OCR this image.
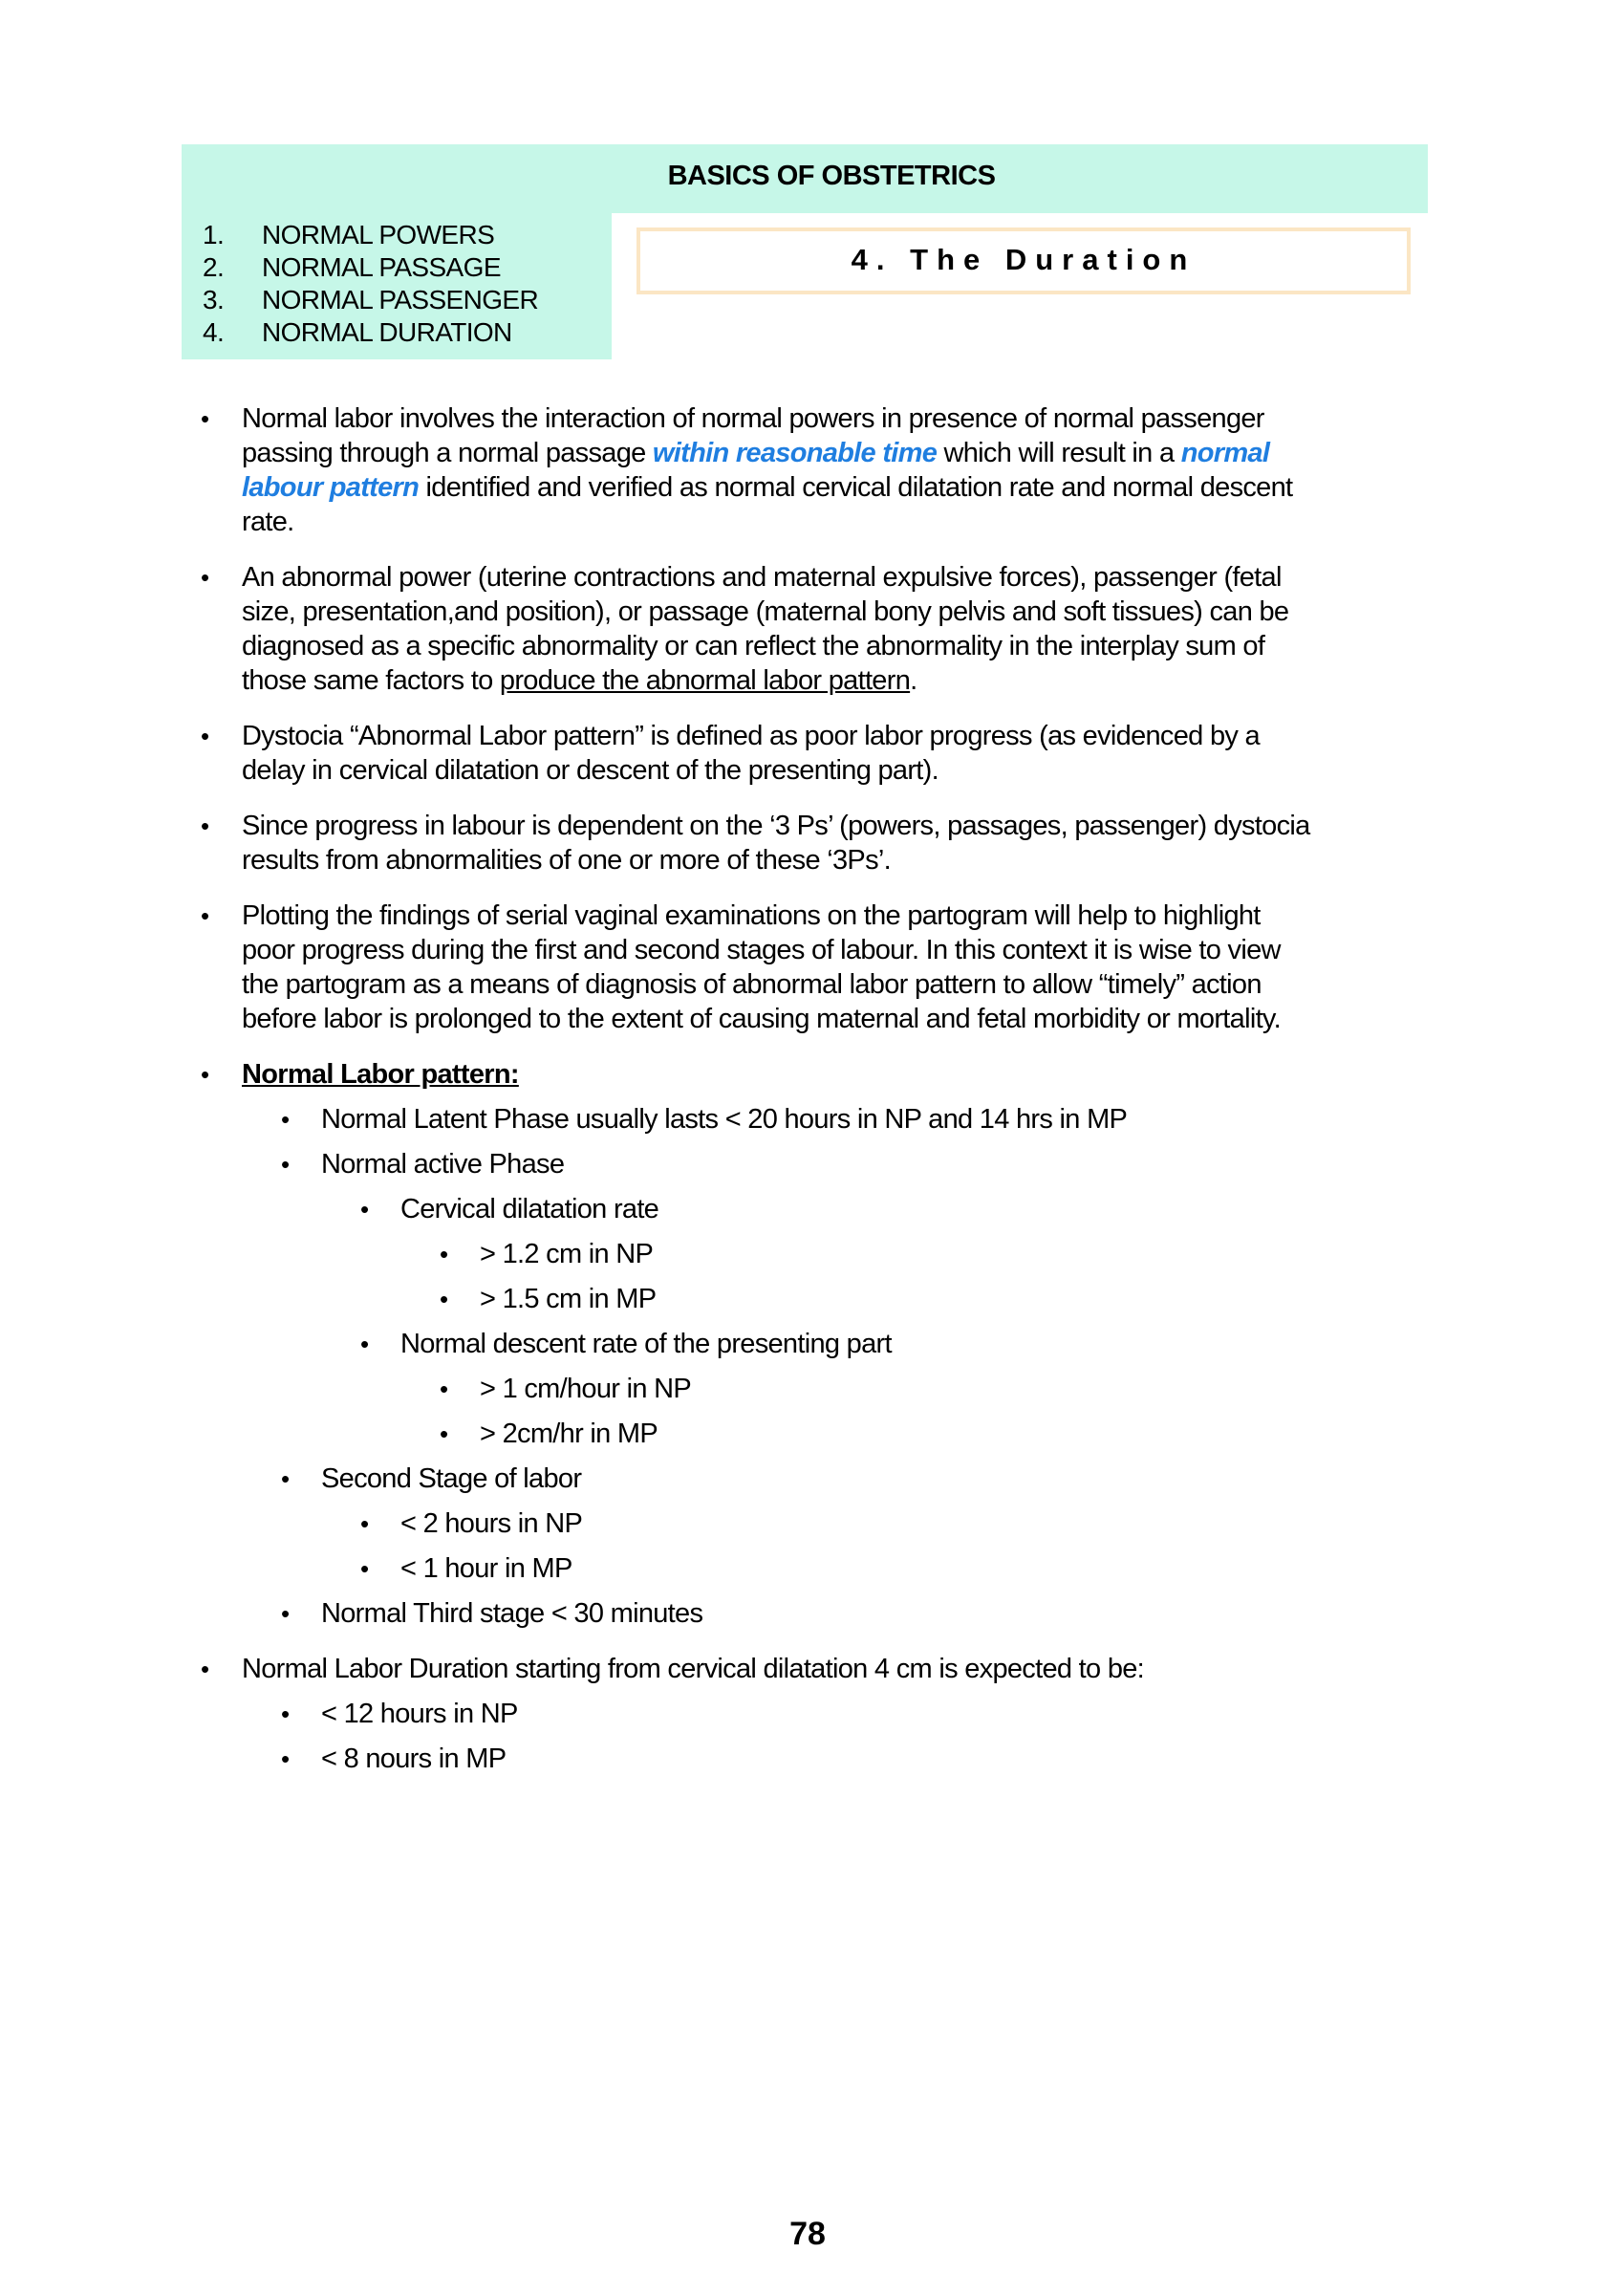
BASICS OF OBSTETRICS
1.	NORMAL POWERS
2.	NORMAL PASSAGE
3.	NORMAL PASSENGER
4.	NORMAL DURATION
4. The Duration
•	Normal labor involves the interaction of normal powers in presence of normal passenger
passing through a normal passage within reasonable time which will result in a normal
labour pattern identified and verified as normal cervical dilatation rate and normal descent
rate.
•	An abnormal power (uterine contractions and maternal expulsive forces), passenger (fetal
size, presentation,and position), or passage (maternal bony pelvis and soft tissues) can be
diagnosed as a specific abnormality or can reflect the abnormality in the interplay sum of
those same factors to produce the abnormal labor pattern.
•	Dystocia “Abnormal Labor pattern” is defined as poor labor progress (as evidenced by a
delay in cervical dilatation or descent of the presenting part).
•	Since progress in labour is dependent on the ‘3 Ps’ (powers, passages, passenger) dystocia
results from abnormalities of one or more of these ‘3Ps’.
•	Plotting the findings of serial vaginal examinations on the partogram will help to highlight
poor progress during the first and second stages of labour. In this context it is wise to view
the partogram as a means of diagnosis of abnormal labor pattern to allow “timely” action
before labor is prolonged to the extent of causing maternal and fetal morbidity or mortality.
•	Normal Labor pattern:
•	Normal Latent Phase usually lasts < 20 hours in NP and 14 hrs in MP
•	Normal active Phase
•	Cervical dilatation rate
•	> 1.2 cm in NP
•	> 1.5 cm in MP
•	Normal descent rate of the presenting part
•	> 1 cm/hour in NP
•	> 2cm/hr in MP
•	Second Stage of labor
•	< 2 hours in NP
•	< 1 hour in MP
•	Normal Third stage < 30 minutes
•	Normal Labor Duration starting from cervical dilatation 4 cm is expected to be:
•	< 12 hours in NP
•	< 8 nours in MP
78
